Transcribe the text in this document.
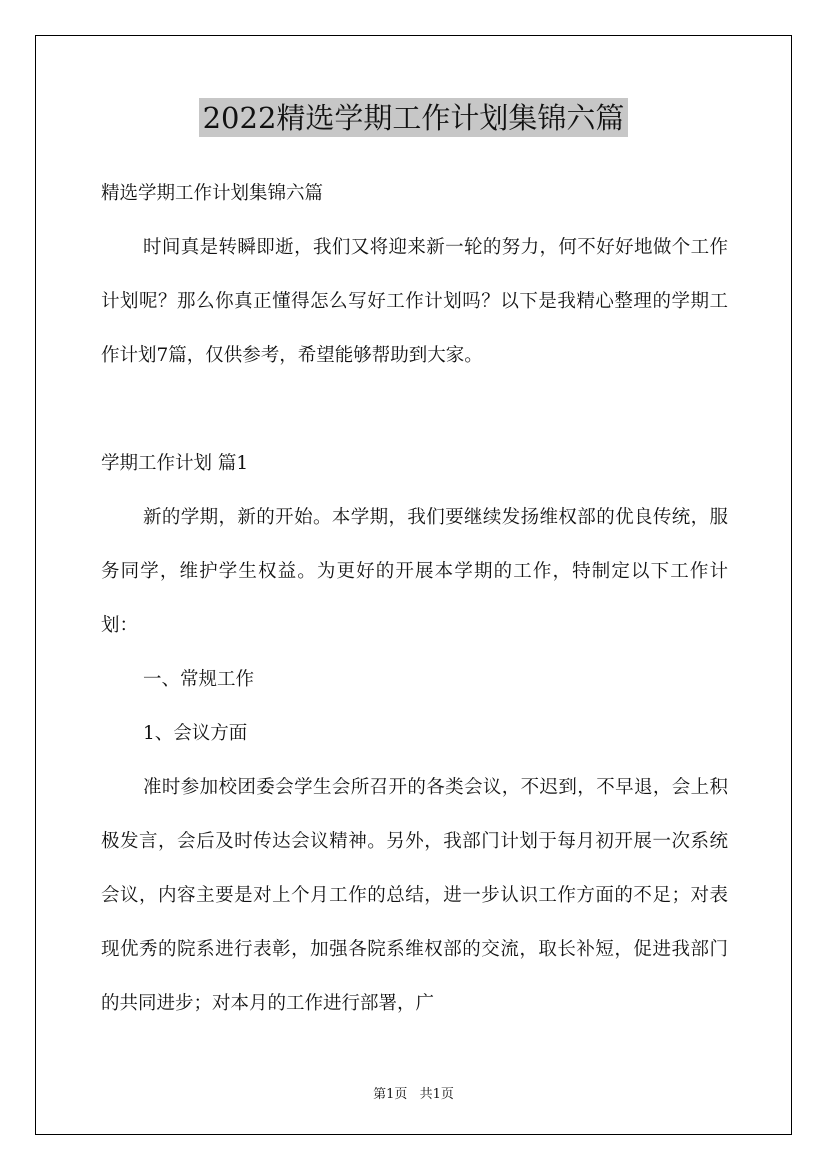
2022精选学期工作计划集锦六篇

精选学期工作计划集锦六篇

时间真是转瞬即逝，我们又将迎来新一轮的努力，何不好好地做个工作计划呢？那么你真正懂得怎么写好工作计划吗？以下是我精心整理的学期工作计划7篇，仅供参考，希望能够帮助到大家。

学期工作计划 篇1

新的学期，新的开始。本学期，我们要继续发扬维权部的优良传统，服务同学，维护学生权益。为更好的开展本学期的工作，特制定以下工作计划：

一、常规工作

1、会议方面

准时参加校团委会学生会所召开的各类会议，不迟到，不早退，会上积极发言，会后及时传达会议精神。另外，我部门计划于每月初开展一次系统会议，内容主要是对上个月工作的总结，进一步认识工作方面的不足；对表现优秀的院系进行表彰，加强各院系维权部的交流，取长补短，促进我部门的共同进步；对本月的工作进行部署，广

第1页 共1页
